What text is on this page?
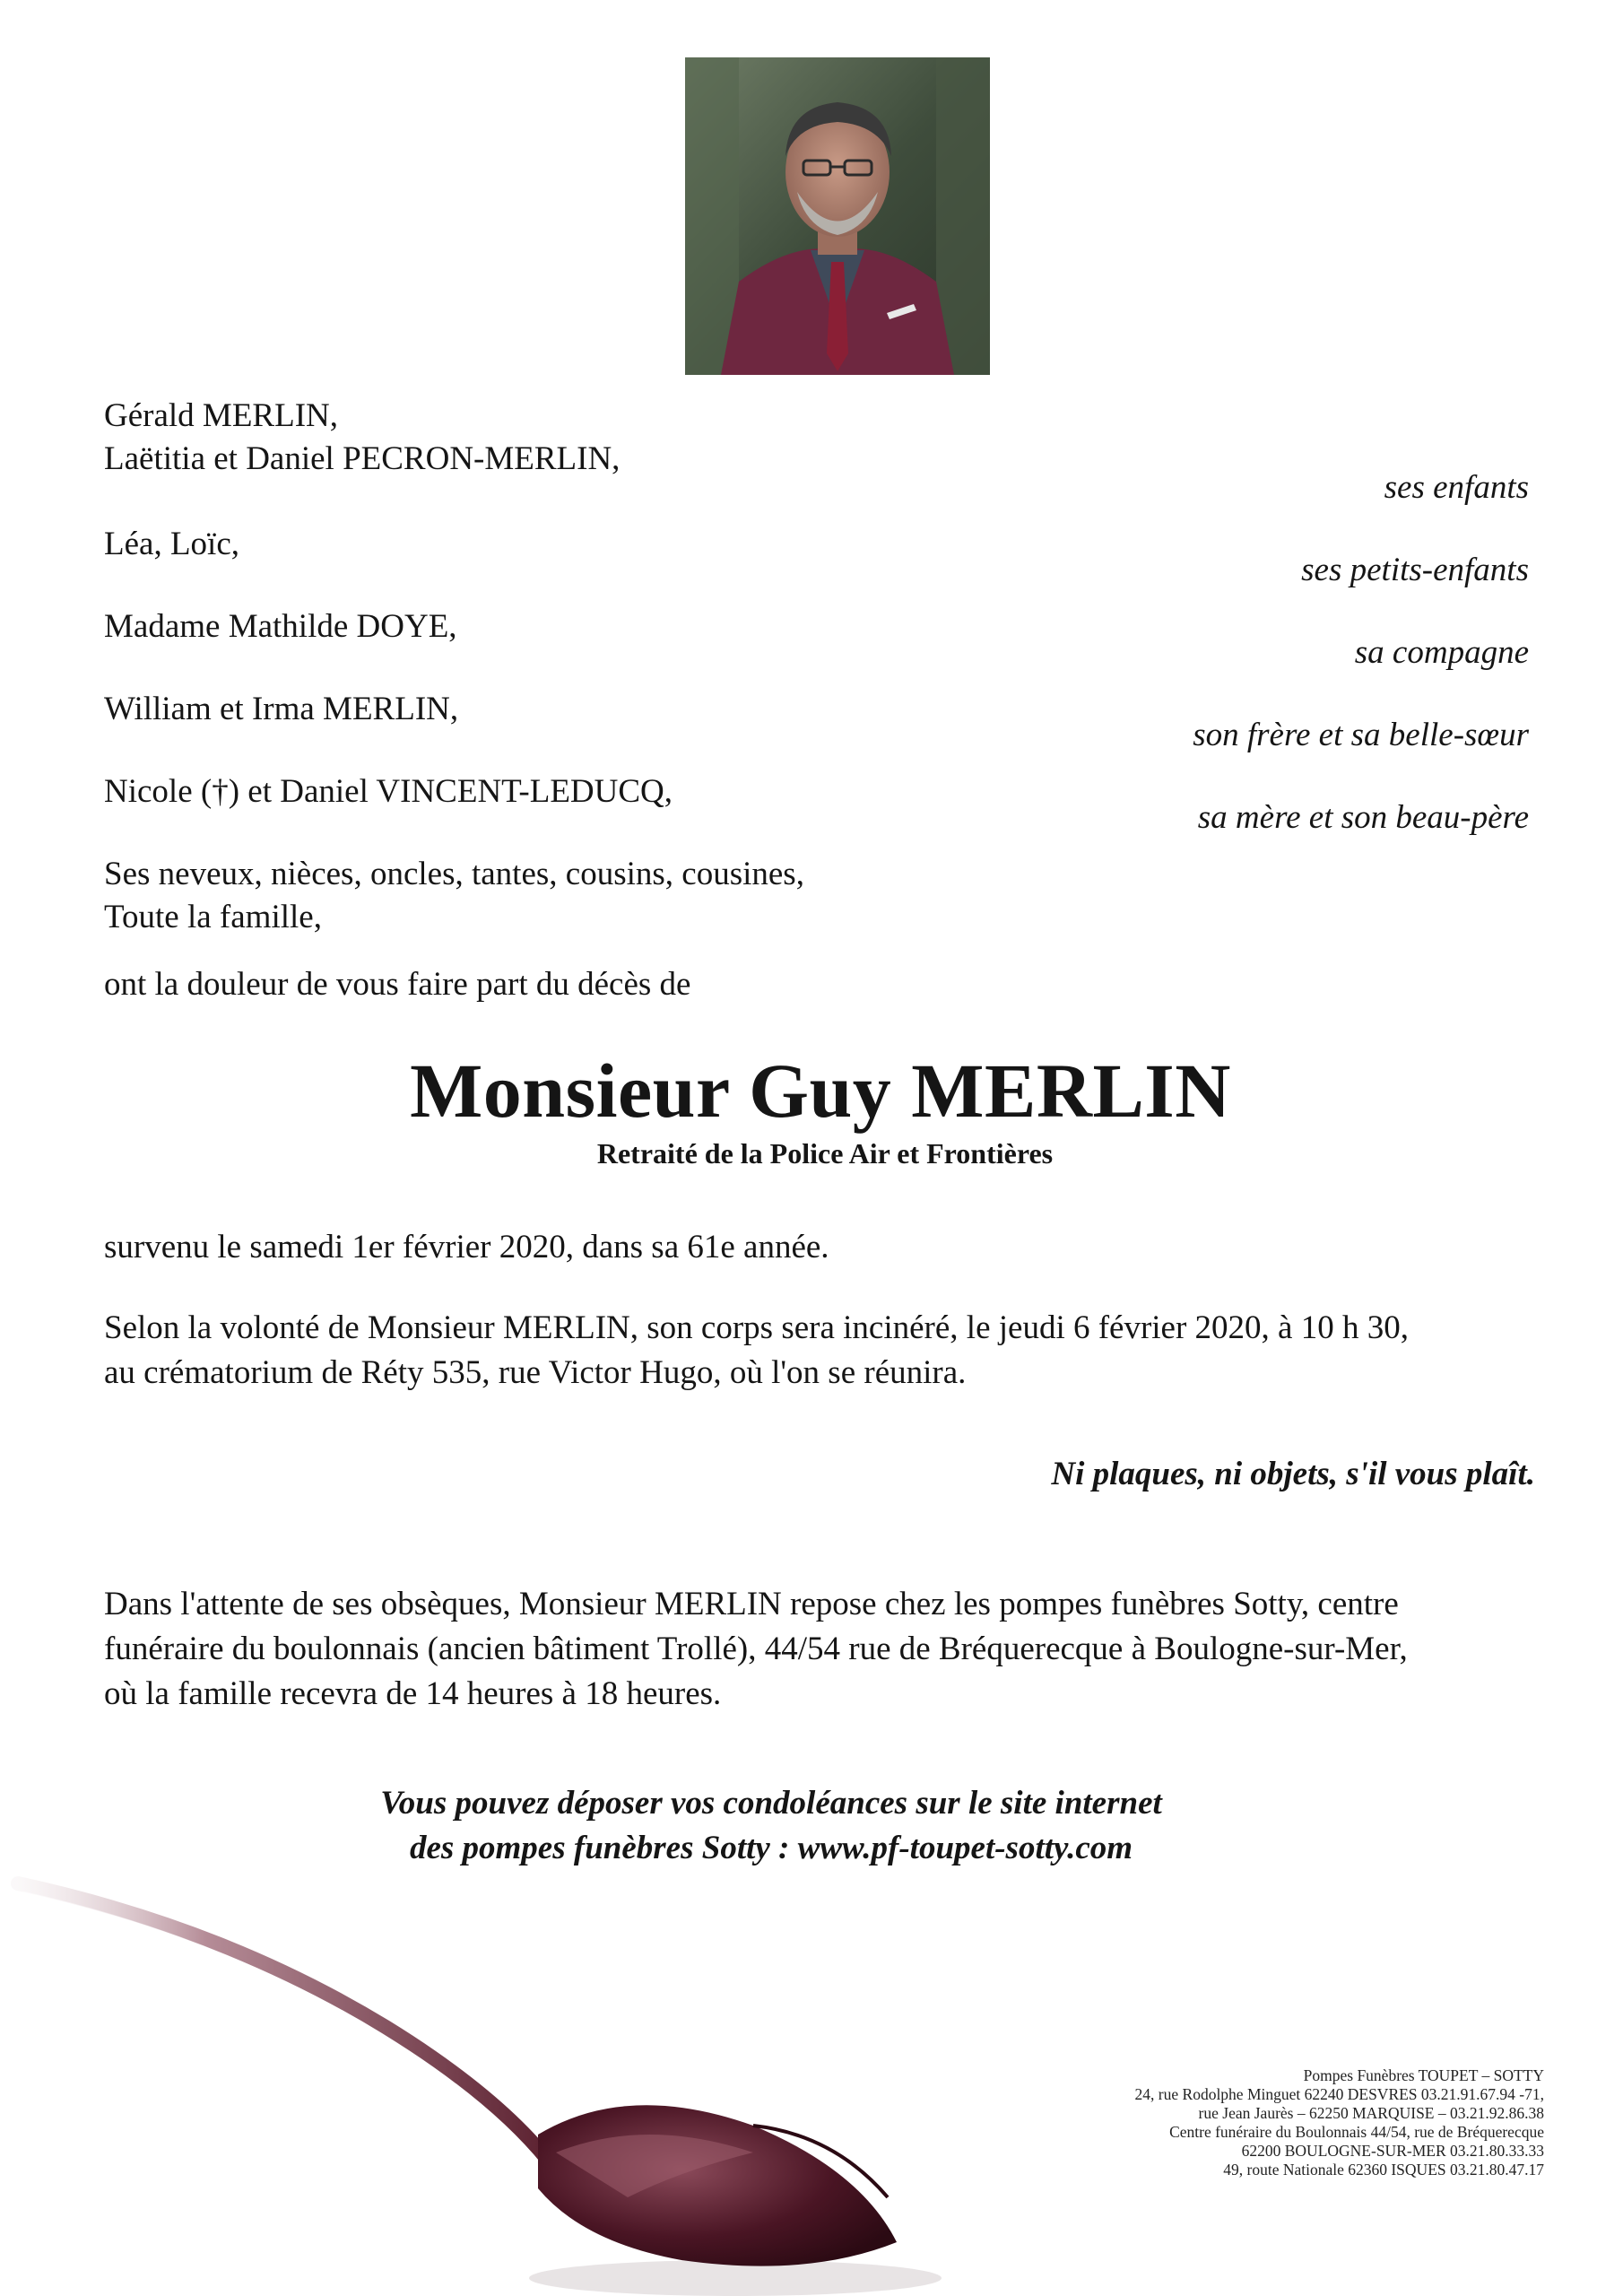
Gérald MERLIN,
Laëtitia et Daniel PECRON-MERLIN,
Léa, Loïc,
Madame Mathilde DOYE,
William et Irma MERLIN,
Nicole (†) et Daniel VINCENT-LEDUCQ,
Ses neveux, nièces, oncles, tantes, cousins, cousines,
Toute la famille,
ses enfants
ses petits-enfants
sa compagne
son frère et sa belle-sœur
sa mère et son beau-père
ont la douleur de vous faire part du décès de
Monsieur Guy MERLIN
Retraité de la Police Air et Frontières
survenu le samedi 1er février 2020, dans sa 61e année.
Selon la volonté de Monsieur MERLIN, son corps sera incinéré, le jeudi 6 février 2020, à 10 h 30,
au crématorium de Réty 535, rue Victor Hugo, où l'on se réunira.
Ni plaques, ni objets, s'il vous plaît.
Dans l'attente de ses obsèques, Monsieur MERLIN repose chez les pompes funèbres Sotty, centre
funéraire du boulonnais (ancien bâtiment Trollé), 44/54 rue de Bréquerecque à Boulogne-sur-Mer,
où la famille recevra de 14 heures à 18 heures.
Vous pouvez déposer vos condoléances sur le site internet
des pompes funèbres Sotty : www.pf-toupet-sotty.com
Pompes Funèbres TOUPET – SOTTY
24, rue Rodolphe Minguet 62240 DESVRES 03.21.91.67.94 -71,
rue Jean Jaurès – 62250 MARQUISE – 03.21.92.86.38
Centre funéraire du Boulonnais 44/54, rue de Bréquerecque
62200 BOULOGNE-SUR-MER 03.21.80.33.33
49, route Nationale 62360 ISQUES 03.21.80.47.17
